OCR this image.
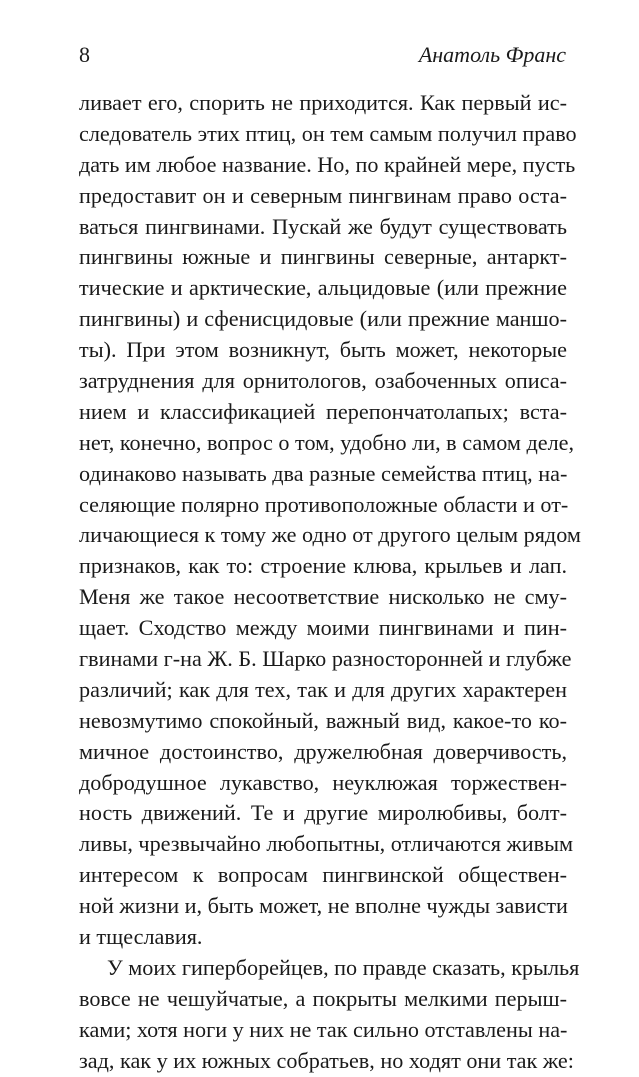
8	Анатоль Франс
ливает его, спорить не приходится. Как первый ис-
следователь этих птиц, он тем самым получил право
дать им любое название. Но, по крайней мере, пусть
предоставит он и северным пингвинам право оста-
ваться пингвинами. Пускай же будут существовать
пингвины южные и пингвины северные, антаркт-
тические и арктические, альцидовые (или прежние
пингвины) и сфенисцидовые (или прежние маншо-
ты). При этом возникнут, быть может, некоторые
затруднения для орнитологов, озабоченных описа-
нием и классификацией перепончатолапых; вста-
нет, конечно, вопрос о том, удобно ли, в самом деле,
одинаково называть два разные семейства птиц, на-
селяющие полярно противоположные области и от-
личающиеся к тому же одно от другого целым рядом
признаков, как то: строение клюва, крыльев и лап.
Меня же такое несоответствие нисколько не сму-
щает. Сходство между моими пингвинами и пин-
гвинами г-на Ж. Б. Шарко разносторонней и глубже
различий; как для тех, так и для других характерен
невозмутимо спокойный, важный вид, какое-то ко-
мичное достоинство, дружелюбная доверчивость,
добродушное лукавство, неуклюжая торжествен-
ность движений. Те и другие миролюбивы, болт-
ливы, чрезвычайно любопытны, отличаются живым
интересом к вопросам пингвинской обществен-
ной жизни и, быть может, не вполне чужды зависти
и тщеславия.
У моих гиперборейцев, по правде сказать, крылья
вовсе не чешуйчатые, а покрыты мелкими перыш-
ками; хотя ноги у них не так сильно отставлены на-
зад, как у их южных собратьев, но ходят они так же:
